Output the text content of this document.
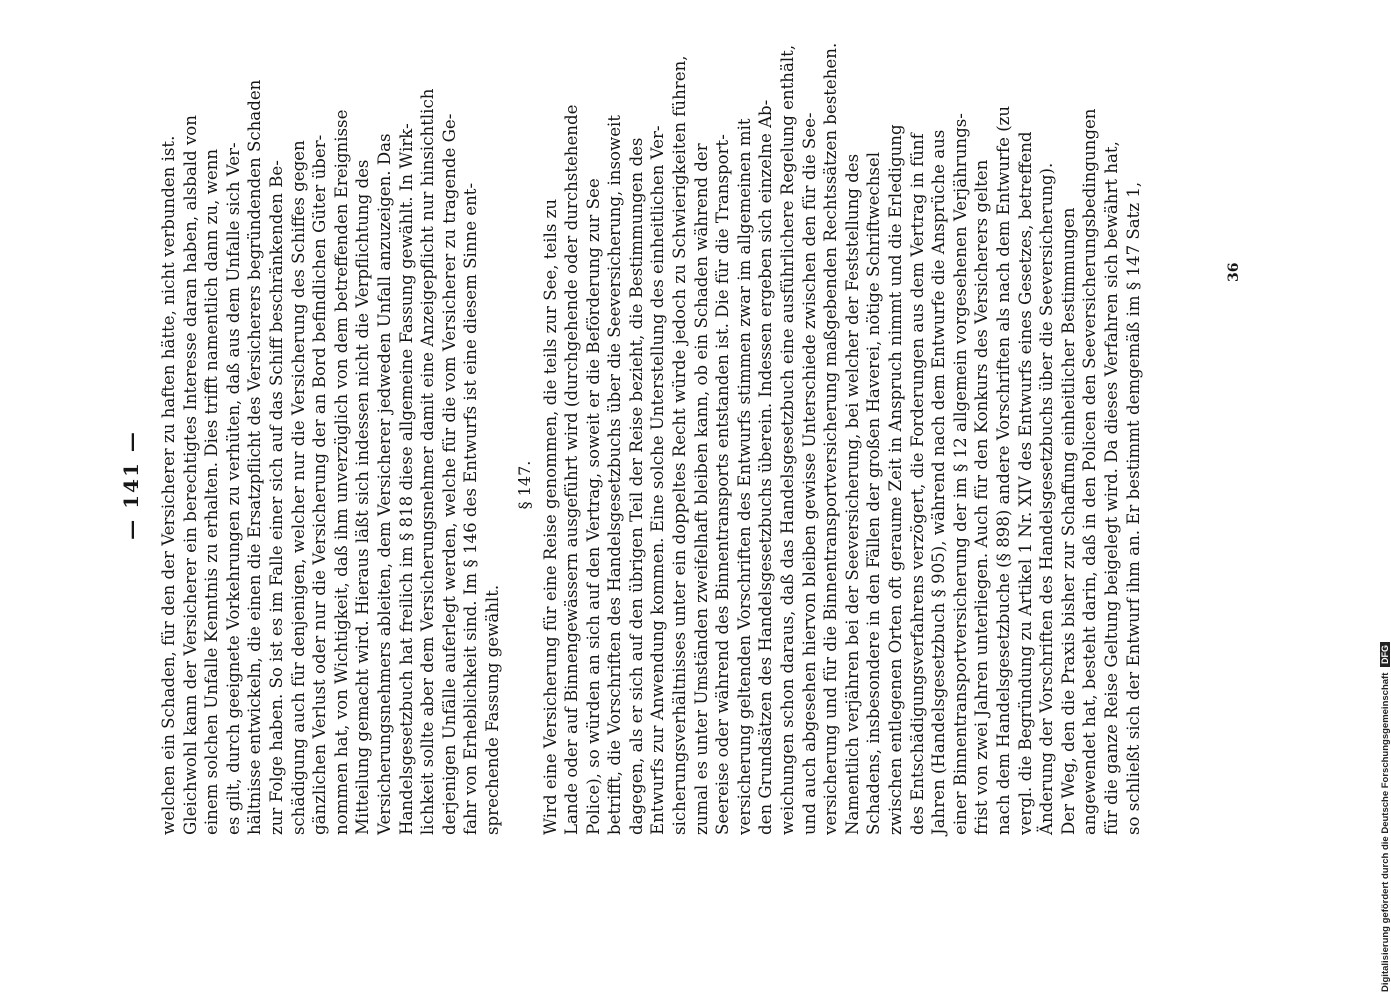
— 141 — welchen ein Schaden, für den der Versicherer zu haften hätte, nicht verbunden ist. Gleichwohl kann der Versicherer ein berechtigtes Interesse daran haben, alsbald von einem solchen Unfalle Kenntnis zu erhalten. Dies trifft namentlich dann zu, wenn es gilt, durch geeignete Vorkehrungen zu verhüten, daß aus dem Unfalle sich Ver- hältnisse entwickeln, die einen die Ersatzpflicht des Versicherers begründenden Schaden zur Folge haben. So ist es im Falle einer sich auf das Schiff beschränkenden Be- schädigung auch für denjenigen, welcher nur die Versicherung des Schiffes gegen gänzlichen Verlust oder nur die Versicherung der an Bord befindlichen Güter über- nommen hat, von Wichtigkeit, daß ihm unverzüglich von dem betreffenden Ereignisse Mitteilung gemacht wird. Hieraus läßt sich indessen nicht die Verpflichtung des Versicherungsnehmers ableiten, dem Versicherer jedweden Unfall anzuzeigen. Das Handelsgesetzbuch hat freilich im § 818 diese allgemeine Fassung gewählt. In Wirk- lichkeit sollte aber dem Versicherungsnehmer damit eine Anzeigepflicht nur hinsichtlich derjenigen Unfälle auferlegt werden, welche für die vom Versicherer zu tragende Ge- fahr von Erheblichkeit sind. Im § 146 des Entwurfs ist eine diesem Sinne ent- sprechende Fassung gewählt.
§ 147. Wird eine Versicherung für eine Reise genommen, die teils zur See, teils zu Lande oder auf Binnengewässern ausgeführt wird (durchgehende oder durchstehende Police), so würden an sich auf den Vertrag, soweit er die Beförderung zur See betrifft, die Vorschriften des Handelsgesetzbuchs über die Seeversicherung, insoweit dagegen, als er sich auf den übrigen Teil der Reise bezieht, die Bestimmungen des Entwurfs zur Anwendung kommen. Eine solche Unterstellung des einheitlichen Ver- sicherungsverhältnisses unter ein doppeltes Recht würde jedoch zu Schwierigkeiten führen, zumal es unter Umständen zweifelhaft bleiben kann, ob ein Schaden während der Seereise oder während des Binnentransports entstanden ist. Die für die Transport- versicherung geltenden Vorschriften des Entwurfs stimmen zwar im allgemeinen mit den Grundsätzen des Handelsgesetzbuchs überein. Indessen ergeben sich einzelne Ab- weichungen schon daraus, daß das Handelsgesetzbuch eine ausführlichere Regelung enthält, und auch abgesehen hiervon bleiben gewisse Unterschiede zwischen den für die See- versicherung und für die Binnentransportversicherung maßgebenden Rechtssätzen bestehen. Namentlich verjähren bei der Seeversicherung, bei welcher der Feststellung des Schadens, insbesondere in den Fällen der großen Haverei, nötige Schriftwechsel zwischen entlegenen Orten oft geraume Zeit in Anspruch nimmt und die Erledigung des Entschädigungsverfahrens verzögert, die Forderungen aus dem Vertrag in fünf Jahren (Handelsgesetzbuch § 905), während nach dem Entwurfe die Ansprüche aus einer Binnentransportversicherung der im § 12 allgemein vorgesehenen Verjährungs- frist von zwei Jahren unterliegen. Auch für den Konkurs des Versicherers gelten nach dem Handelsgesetzbuche (§ 898) andere Vorschriften als nach dem Entwurfe (zu vergl. die Begründung zu Artikel 1 Nr. XIV des Entwurfs eines Gesetzes, betreffend Änderung der Vorschriften des Handelsgesetzbuchs über die Seeversicherung). Der Weg, den die Praxis bisher zur Schaffung einheitlicher Bestimmungen angewendet hat, besteht darin, daß in den Policen den Seeversicherungsbedingungen für die ganze Reise Geltung beigelegt wird. Da dieses Verfahren sich bewährt hat, so schließt sich der Entwurf ihm an. Er bestimmt demgemäß im § 147 Satz 1,	36
Digitalisierung gefördert durch die Deutsche Forschungsgemeinschaft DFG
